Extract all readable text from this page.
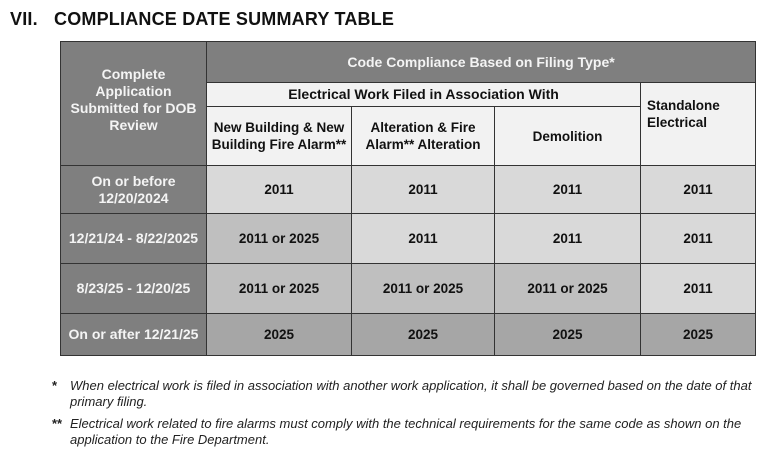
VII. COMPLIANCE DATE SUMMARY TABLE
Complete Application Submitted for DOB Review	Code Compliance Based on Filing Type*			
	Electrical Work Filed in Association With			Standalone Electrical
	New Building & New Building Fire Alarm**	Alteration & Fire Alarm** Alteration	Demolition	
On or before 12/20/2024	2011	2011	2011	2011
12/21/24 - 8/22/2025	2011 or 2025	2011	2011	2011
8/23/25 - 12/20/25	2011 or 2025	2011 or 2025	2011 or 2025	2011
On or after 12/21/25	2025	2025	2025	2025
* When electrical work is filed in association with another work application, it shall be governed based on the date of that primary filing.
** Electrical work related to fire alarms must comply with the technical requirements for the same code as shown on the application to the Fire Department.
